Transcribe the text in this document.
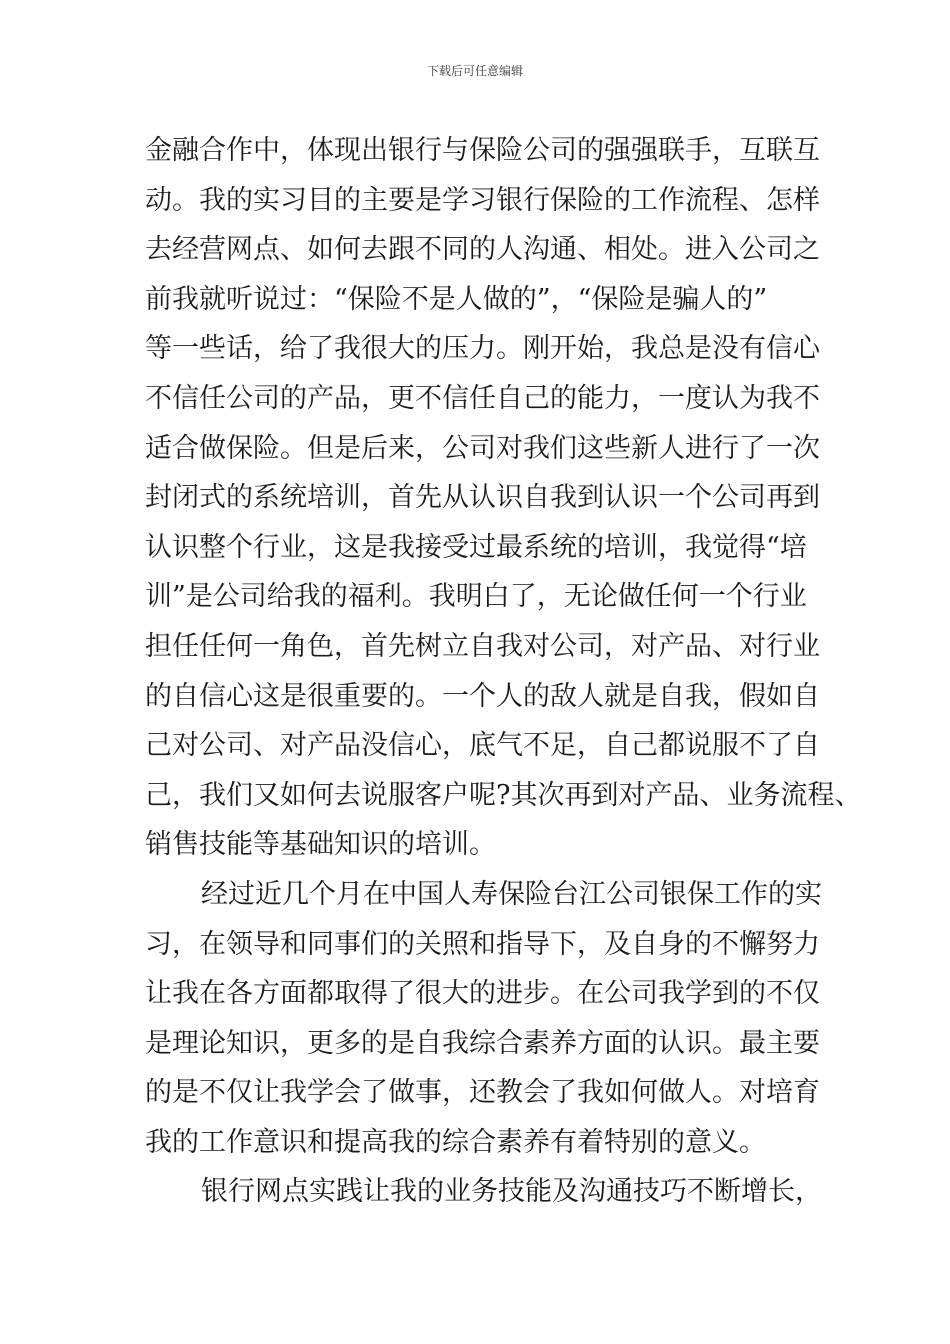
下载后可任意编辑
金融合作中，体现出银行与保险公司的强强联手，互联互
动。我的实习目的主要是学习银行保险的工作流程、怎样
去经营网点、如何去跟不同的人沟通、相处。进入公司之
前我就听说过：“保险不是人做的”，“保险是骗人的”
等一些话，给了我很大的压力。刚开始，我总是没有信心
不信任公司的产品，更不信任自己的能力，一度认为我不
适合做保险。但是后来，公司对我们这些新人进行了一次
封闭式的系统培训，首先从认识自我到认识一个公司再到
认识整个行业，这是我接受过最系统的培训，我觉得“培
训”是公司给我的福利。我明白了，无论做任何一个行业
担任任何一角色，首先树立自我对公司，对产品、对行业
的自信心这是很重要的。一个人的敌人就是自我，假如自
己对公司、对产品没信心，底气不足，自己都说服不了自
己，我们又如何去说服客户呢?其次再到对产品、业务流程、
销售技能等基础知识的培训。
经过近几个月在中国人寿保险台江公司银保工作的实
习，在领导和同事们的关照和指导下，及自身的不懈努力
让我在各方面都取得了很大的进步。在公司我学到的不仅
是理论知识，更多的是自我综合素养方面的认识。最主要
的是不仅让我学会了做事，还教会了我如何做人。对培育
我的工作意识和提高我的综合素养有着特别的意义。
银行网点实践让我的业务技能及沟通技巧不断增长，
